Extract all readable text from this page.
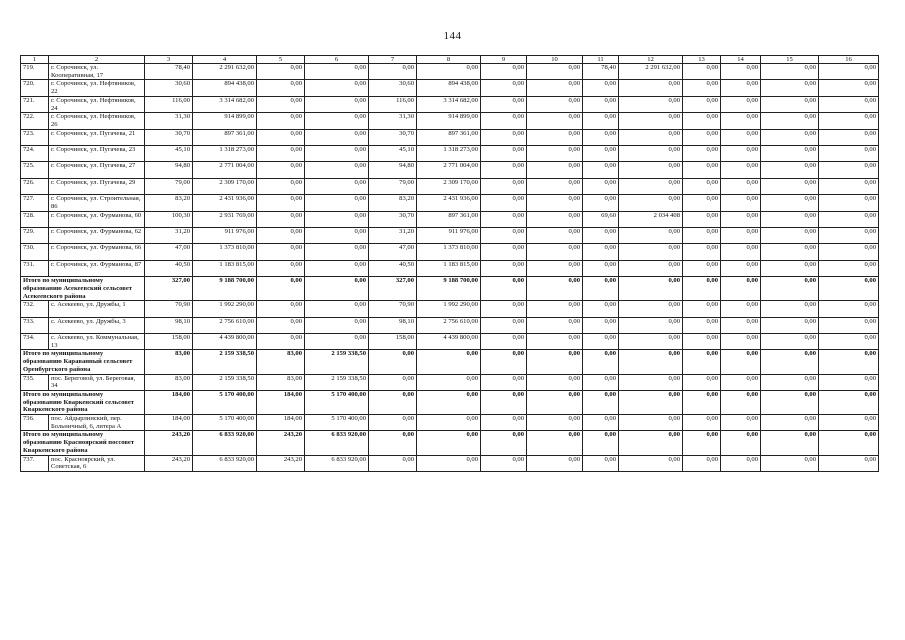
144
1	2	3	4	5	6	7	8	9	10	11	12	13	14	15	16
719.	г. Сорочинск, ул. Кооперативная, 17	78,40	2 291 632,00	0,00	0,00	0,00	0,00	0,00	0,00	78,40	2 291 632,00	0,00	0,00	0,00	0,00
720.	г. Сорочинск, ул. Нефтяников, 22	30,60	894 438,00	0,00	0,00	30,60	894 438,00	0,00	0,00	0,00	0,00	0,00	0,00	0,00	0,00
721.	г. Сорочинск, ул. Нефтяников, 24	116,00	3 314 682,00	0,00	0,00	116,00	3 314 682,00	0,00	0,00	0,00	0,00	0,00	0,00	0,00	0,00
722.	г. Сорочинск, ул. Нефтяников, 26	31,30	914 899,00	0,00	0,00	31,30	914 899,00	0,00	0,00	0,00	0,00	0,00	0,00	0,00	0,00
723.	г. Сорочинск, ул. Пугачева, 21	30,70	897 361,00	0,00	0,00	30,70	897 361,00	0,00	0,00	0,00	0,00	0,00	0,00	0,00	0,00
724.	г. Сорочинск, ул. Пугачева, 23	45,10	1 318 273,00	0,00	0,00	45,10	1 318 273,00	0,00	0,00	0,00	0,00	0,00	0,00	0,00	0,00
725.	г. Сорочинск, ул. Пугачева, 27	94,80	2 771 004,00	0,00	0,00	94,80	2 771 004,00	0,00	0,00	0,00	0,00	0,00	0,00	0,00	0,00
726.	г. Сорочинск, ул. Пугачева, 29	79,00	2 309 170,00	0,00	0,00	79,00	2 309 170,00	0,00	0,00	0,00	0,00	0,00	0,00	0,00	0,00
727.	г. Сорочинск, ул. Строительная, 86	83,20	2 431 936,00	0,00	0,00	83,20	2 431 936,00	0,00	0,00	0,00	0,00	0,00	0,00	0,00	0,00
728.	г. Сорочинск, ул. Фурманова, 60	100,30	2 931 769,00	0,00	0,00	30,70	897 361,00	0,00	0,00	69,60	2 034 408	0,00	0,00	0,00	0,00
729.	г. Сорочинск, ул. Фурманова, 62	31,20	911 976,00	0,00	0,00	31,20	911 976,00	0,00	0,00	0,00	0,00	0,00	0,00	0,00	0,00
730.	г. Сорочинск, ул. Фурманова, 66	47,00	1 373 810,00	0,00	0,00	47,00	1 373 810,00	0,00	0,00	0,00	0,00	0,00	0,00	0,00	0,00
731.	г. Сорочинск, ул. Фурманова, 87	40,50	1 183 815,00	0,00	0,00	40,50	1 183 815,00	0,00	0,00	0,00	0,00	0,00	0,00	0,00	0,00
Итого по муниципальному образованию Асекеевский сельсовет Асекеевского района		327,00	9 188 700,00	0,00	0,00	327,00	9 188 700,00	0,00	0,00	0,00	0,00	0,00	0,00	0,00	0,00
732.	с. Асекеево, ул. Дружбы, 1	70,90	1 992 290,00	0,00	0,00	70,90	1 992 290,00	0,00	0,00	0,00	0,00	0,00	0,00	0,00	0,00
733.	с. Асекеево, ул. Дружбы, 3	98,10	2 756 610,00	0,00	0,00	98,10	2 756 610,00	0,00	0,00	0,00	0,00	0,00	0,00	0,00	0,00
734.	с. Асекеево, ул. Коммунальная, 13	158,00	4 439 800,00	0,00	0,00	158,00	4 439 800,00	0,00	0,00	0,00	0,00	0,00	0,00	0,00	0,00
Итого по муниципальному образованию Караванный сельсовет Оренбургского района		83,00	2 159 338,50	83,00	2 159 338,50	0,00	0,00	0,00	0,00	0,00	0,00	0,00	0,00	0,00	0,00
735.	пос. Береговой, ул. Береговая, 34	83,00	2 159 338,50	83,00	2 159 338,50	0,00	0,00	0,00	0,00	0,00	0,00	0,00	0,00	0,00	0,00
Итого по муниципальному образованию Кваркенский сельсовет Кваркенского района		184,00	5 170 400,00	184,00	5 170 400,00	0,00	0,00	0,00	0,00	0,00	0,00	0,00	0,00	0,00	0,00
736.	пос. Айдырлинский, пер. Больничный, 6, литера А	184,00	5 170 400,00	184,00	5 170 400,00	0,00	0,00	0,00	0,00	0,00	0,00	0,00	0,00	0,00	0,00
Итого по муниципальному образованию Красноярский поссовет Кваркенского района		243,20	6 833 920,00	243,20	6 833 920,00	0,00	0,00	0,00	0,00	0,00	0,00	0,00	0,00	0,00	0,00
737.	пос. Красноярский, ул. Советская, 6	243,20	6 833 920,00	243,20	6 833 920,00	0,00	0,00	0,00	0,00	0,00	0,00	0,00	0,00	0,00	0,00
